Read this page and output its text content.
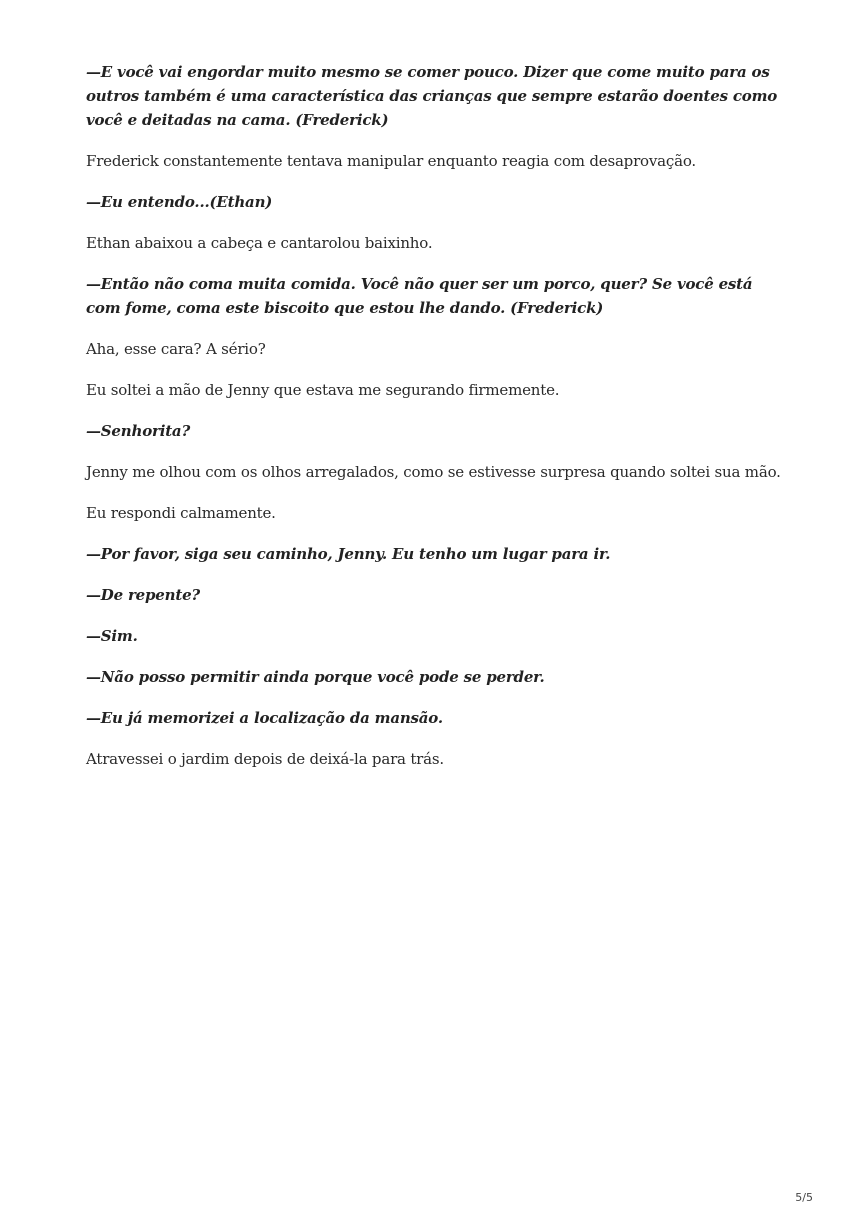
—E você vai engordar muito mesmo se comer pouco. Dizer que come muito para os outros também é uma característica das crianças que sempre estarão doentes como você e deitadas na cama. (Frederick)

Frederick constantemente tentava manipular enquanto reagia com desaprovação.

—Eu entendo...(Ethan)

Ethan abaixou a cabeça e cantarolou baixinho.

—Então não coma muita comida. Você não quer ser um porco, quer? Se você está com fome, coma este biscoito que estou lhe dando. (Frederick)

Aha, esse cara? A sério?

Eu soltei a mão de Jenny que estava me segurando firmemente.

—Senhorita?

Jenny me olhou com os olhos arregalados, como se estivesse surpresa quando soltei sua mão.

Eu respondi calmamente.

—Por favor, siga seu caminho, Jenny. Eu tenho um lugar para ir.

—De repente?

—Sim.

—Não posso permitir ainda porque você pode se perder.

—Eu já memorizei a localização da mansão.

Atravessei o jardim depois de deixá-la para trás.

5/5
